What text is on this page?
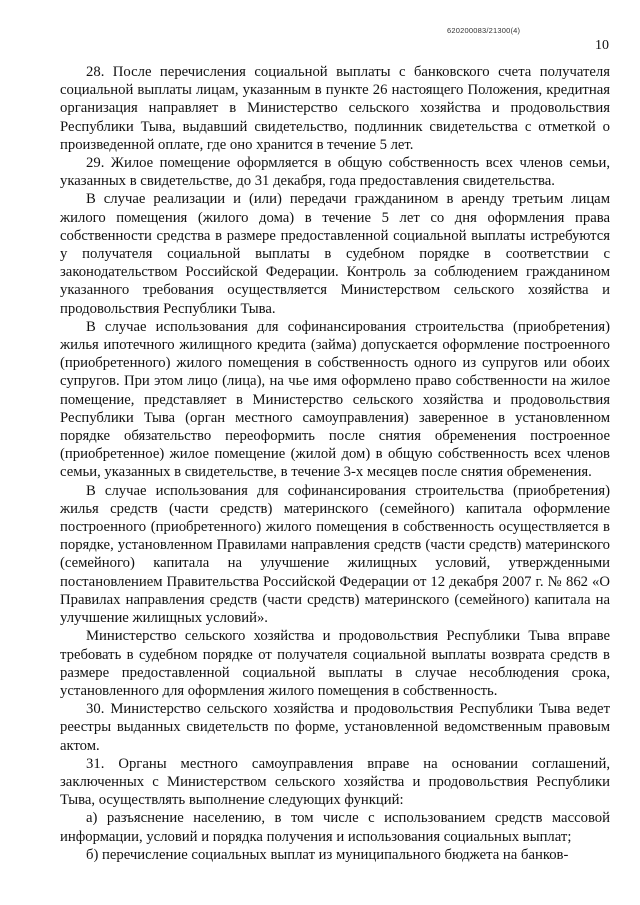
620200083/21300(4)
10

28. После перечисления социальной выплаты с банковского счета получателя социальной выплаты лицам, указанным в пункте 26 настоящего Положения, кредитная организация направляет в Министерство сельского хозяйства и продовольствия Республики Тыва, выдавший свидетельство, подлинник свидетельства с отметкой о произведенной оплате, где оно хранится в течение 5 лет.

29. Жилое помещение оформляется в общую собственность всех членов семьи, указанных в свидетельстве, до 31 декабря, года предоставления свидетельства.

В случае реализации и (или) передачи гражданином в аренду третьим лицам жилого помещения (жилого дома) в течение 5 лет со дня оформления права собственности средства в размере предоставленной социальной выплаты истребуются у получателя социальной выплаты в судебном порядке в соответствии с законодательством Российской Федерации. Контроль за соблюдением гражданином указанного требования осуществляется Министерством сельского хозяйства и продовольствия Республики Тыва.

В случае использования для софинансирования строительства (приобретения) жилья ипотечного жилищного кредита (займа) допускается оформление построенного (приобретенного) жилого помещения в собственность одного из супругов или обоих супругов. При этом лицо (лица), на чье имя оформлено право собственности на жилое помещение, представляет в Министерство сельского хозяйства и продовольствия Республики Тыва (орган местного самоуправления) заверенное в установленном порядке обязательство переоформить после снятия обременения построенное (приобретенное) жилое помещение (жилой дом) в общую собственность всех членов семьи, указанных в свидетельстве, в течение 3-х месяцев после снятия обременения.

В случае использования для софинансирования строительства (приобретения) жилья средств (части средств) материнского (семейного) капитала оформление построенного (приобретенного) жилого помещения в собственность осуществляется в порядке, установленном Правилами направления средств (части средств) материнского (семейного) капитала на улучшение жилищных условий, утвержденными постановлением Правительства Российской Федерации от 12 декабря 2007 г. № 862 «О Правилах направления средств (части средств) материнского (семейного) капитала на улучшение жилищных условий».

Министерство сельского хозяйства и продовольствия Республики Тыва вправе требовать в судебном порядке от получателя социальной выплаты возврата средств в размере предоставленной социальной выплаты в случае несоблюдения срока, установленного для оформления жилого помещения в собственность.

30. Министерство сельского хозяйства и продовольствия Республики Тыва ведет реестры выданных свидетельств по форме, установленной ведомственным правовым актом.

31. Органы местного самоуправления вправе на основании соглашений, заключенных с Министерством сельского хозяйства и продовольствия Республики Тыва, осуществлять выполнение следующих функций:

а) разъяснение населению, в том числе с использованием средств массовой информации, условий и порядка получения и использования социальных выплат;

б) перечисление социальных выплат из муниципального бюджета на банков-
